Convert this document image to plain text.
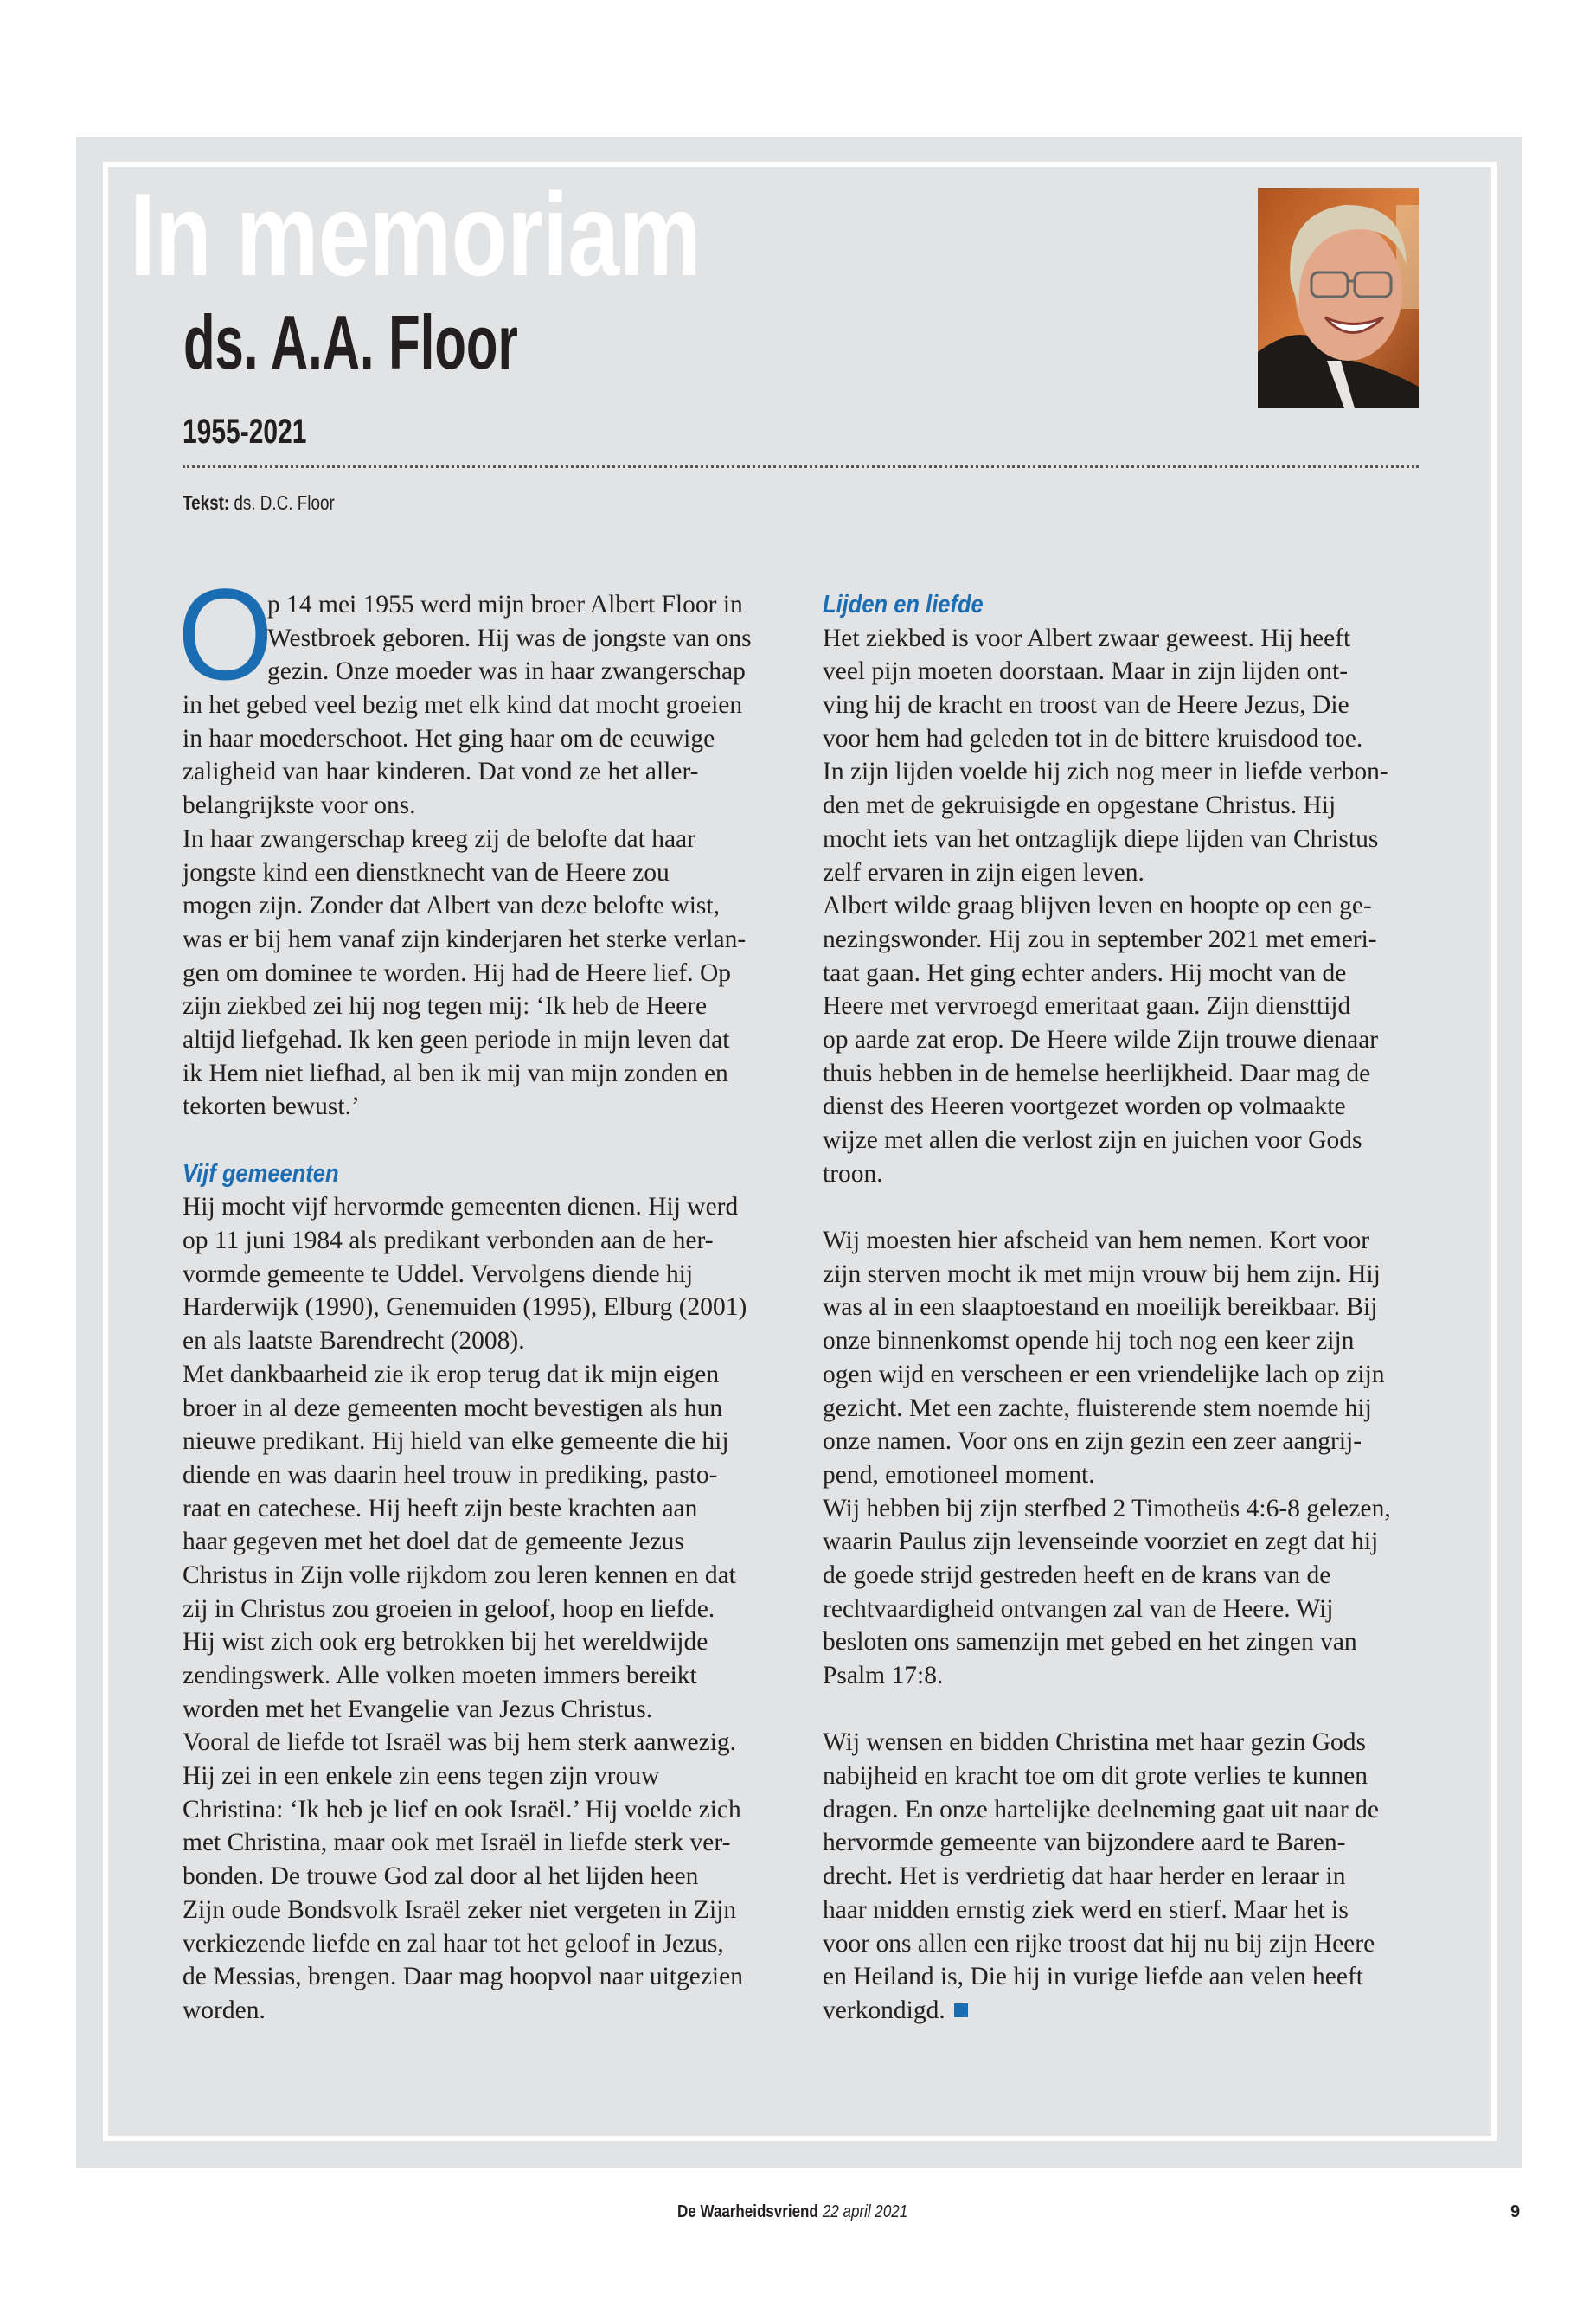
In memoriam
ds. A.A. Floor
1955-2021
Tekst: ds. D.C. Floor
O
p 14 mei 1955 werd mijn broer Albert Floor in
Westbroek geboren. Hij was de jongste van ons
gezin. Onze moeder was in haar zwangerschap
in het gebed veel bezig met elk kind dat mocht groeien
in haar moederschoot. Het ging haar om de eeuwige
zaligheid van haar kinderen. Dat vond ze het aller-
belangrijkste voor ons.
In haar zwangerschap kreeg zij de belofte dat haar
jongste kind een dienstknecht van de Heere zou
mogen zijn. Zonder dat Albert van deze belofte wist,
was er bij hem vanaf zijn kinderjaren het sterke verlan-
gen om dominee te worden. Hij had de Heere lief. Op
zijn ziekbed zei hij nog tegen mij: ‘Ik heb de Heere
altijd liefgehad. Ik ken geen periode in mijn leven dat
ik Hem niet liefhad, al ben ik mij van mijn zonden en
tekorten bewust.’
Vijf gemeenten
Hij mocht vijf hervormde gemeenten dienen. Hij werd
op 11 juni 1984 als predikant verbonden aan de her-
vormde gemeente te Uddel. Vervolgens diende hij
Harderwijk (1990), Genemuiden (1995), Elburg (2001)
en als laatste Barendrecht (2008).
Met dankbaarheid zie ik erop terug dat ik mijn eigen
broer in al deze gemeenten mocht bevestigen als hun
nieuwe predikant. Hij hield van elke gemeente die hij
diende en was daarin heel trouw in prediking, pasto-
raat en catechese. Hij heeft zijn beste krachten aan
haar gegeven met het doel dat de gemeente Jezus
Christus in Zijn volle rijkdom zou leren kennen en dat
zij in Christus zou groeien in geloof, hoop en liefde.
Hij wist zich ook erg betrokken bij het wereldwijde
zendingswerk. Alle volken moeten immers bereikt
worden met het Evangelie van Jezus Christus.
Vooral de liefde tot Israël was bij hem sterk aanwezig.
Hij zei in een enkele zin eens tegen zijn vrouw
Christina: ‘Ik heb je lief en ook Israël.’ Hij voelde zich
met Christina, maar ook met Israël in liefde sterk ver-
bonden. De trouwe God zal door al het lijden heen
Zijn oude Bondsvolk Israël zeker niet vergeten in Zijn
verkiezende liefde en zal haar tot het geloof in Jezus,
de Messias, brengen. Daar mag hoopvol naar uitgezien
worden.
Lijden en liefde
Het ziekbed is voor Albert zwaar geweest. Hij heeft
veel pijn moeten doorstaan. Maar in zijn lijden ont-
ving hij de kracht en troost van de Heere Jezus, Die
voor hem had geleden tot in de bittere kruisdood toe.
In zijn lijden voelde hij zich nog meer in liefde verbon-
den met de gekruisigde en opgestane Christus. Hij
mocht iets van het ontzaglijk diepe lijden van Christus
zelf ervaren in zijn eigen leven.
Albert wilde graag blijven leven en hoopte op een ge-
nezingswonder. Hij zou in september 2021 met emeri-
taat gaan. Het ging echter anders. Hij mocht van de
Heere met vervroegd emeritaat gaan. Zijn diensttijd
op aarde zat erop. De Heere wilde Zijn trouwe dienaar
thuis hebben in de hemelse heerlijkheid. Daar mag de
dienst des Heeren voortgezet worden op volmaakte
wijze met allen die verlost zijn en juichen voor Gods
troon.
Wij moesten hier afscheid van hem nemen. Kort voor
zijn sterven mocht ik met mijn vrouw bij hem zijn. Hij
was al in een slaaptoestand en moeilijk bereikbaar. Bij
onze binnenkomst opende hij toch nog een keer zijn
ogen wijd en verscheen er een vriendelijke lach op zijn
gezicht. Met een zachte, fluisterende stem noemde hij
onze namen. Voor ons en zijn gezin een zeer aangrij-
pend, emotioneel moment.
Wij hebben bij zijn sterfbed 2 Timotheüs 4:6-8 gelezen,
waarin Paulus zijn levenseinde voorziet en zegt dat hij
de goede strijd gestreden heeft en de krans van de
rechtvaardigheid ontvangen zal van de Heere. Wij
besloten ons samenzijn met gebed en het zingen van
Psalm 17:8.
Wij wensen en bidden Christina met haar gezin Gods
nabijheid en kracht toe om dit grote verlies te kunnen
dragen. En onze hartelijke deelneming gaat uit naar de
hervormde gemeente van bijzondere aard te Baren-
drecht. Het is verdrietig dat haar herder en leraar in
haar midden ernstig ziek werd en stierf. Maar het is
voor ons allen een rijke troost dat hij nu bij zijn Heere
en Heiland is, Die hij in vurige liefde aan velen heeft
verkondigd.
De Waarheidsvriend 22 april 2021	9
